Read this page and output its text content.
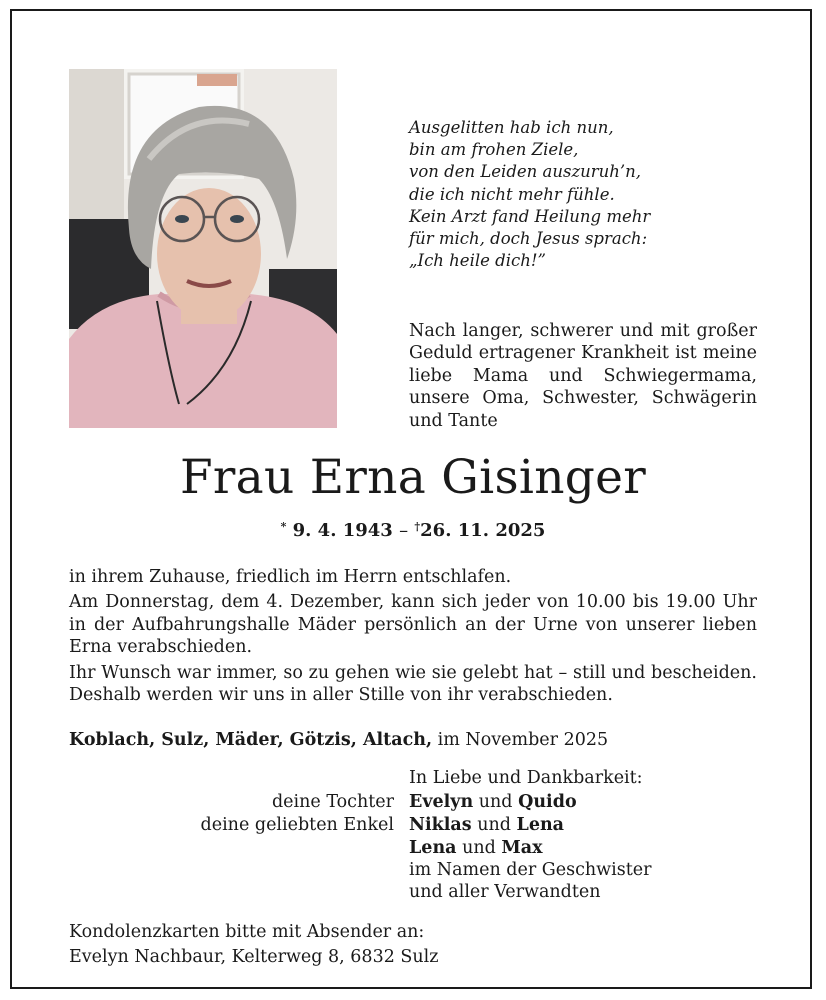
Ausgelitten hab ich nun,
bin am frohen Ziele,
von den Leiden auszuruh’n,
die ich nicht mehr fühle.
Kein Arzt fand Heilung mehr
für mich, doch Jesus sprach:
„Ich heile dich!”
Nach langer, schwerer und mit großer Geduld ertragener Krankheit ist meine liebe Mama und Schwiegermama, unsere Oma, Schwester, Schwägerin und Tante
Frau Erna Gisinger
* 9. 4. 1943 – †26. 11. 2025

in ihrem Zuhause, friedlich im Herrn entschlafen.

Am Donnerstag, dem 4. Dezember, kann sich jeder von 10.00 bis 19.00 Uhr in der Aufbahrungshalle Mäder persönlich an der Urne von unserer lieben Erna verabschieden.

Ihr Wunsch war immer, so zu gehen wie sie gelebt hat – still und bescheiden. Deshalb werden wir uns in aller Stille von ihr verabschieden.

Koblach, Sulz, Mäder, Götzis, Altach, im November 2025
In Liebe und Dankbarkeit:
deine Tochter Evelyn und Quido
deine geliebten Enkel Niklas und Lena
Lena und Max
im Namen der Geschwister
und aller Verwandten
Kondolenzkarten bitte mit Absender an:
Evelyn Nachbaur, Kelterweg 8, 6832 Sulz
